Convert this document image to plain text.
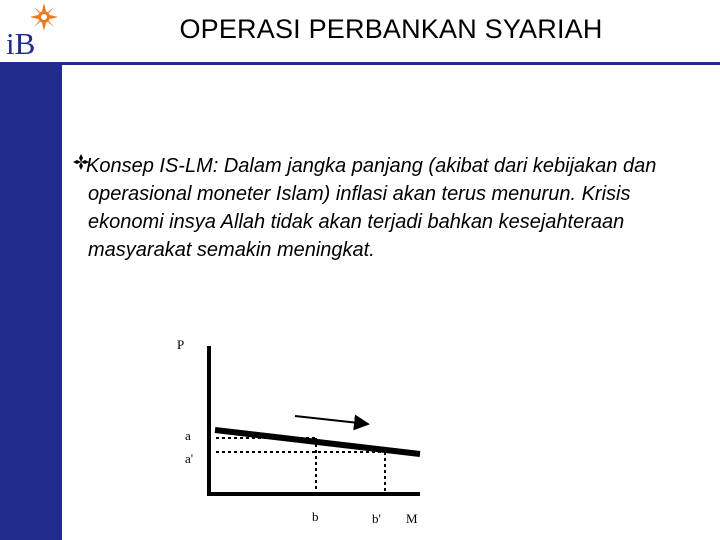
iB	OPERASI PERBANKAN SYARIAH
Konsep IS-LM: Dalam jangka panjang (akibat dari kebijakan dan operasional moneter Islam) inflasi akan terus menurun. Krisis ekonomi insya Allah tidak akan terjadi bahkan kesejahteraan masyarakat semakin meningkat.
P
a
a'
b	b' M
